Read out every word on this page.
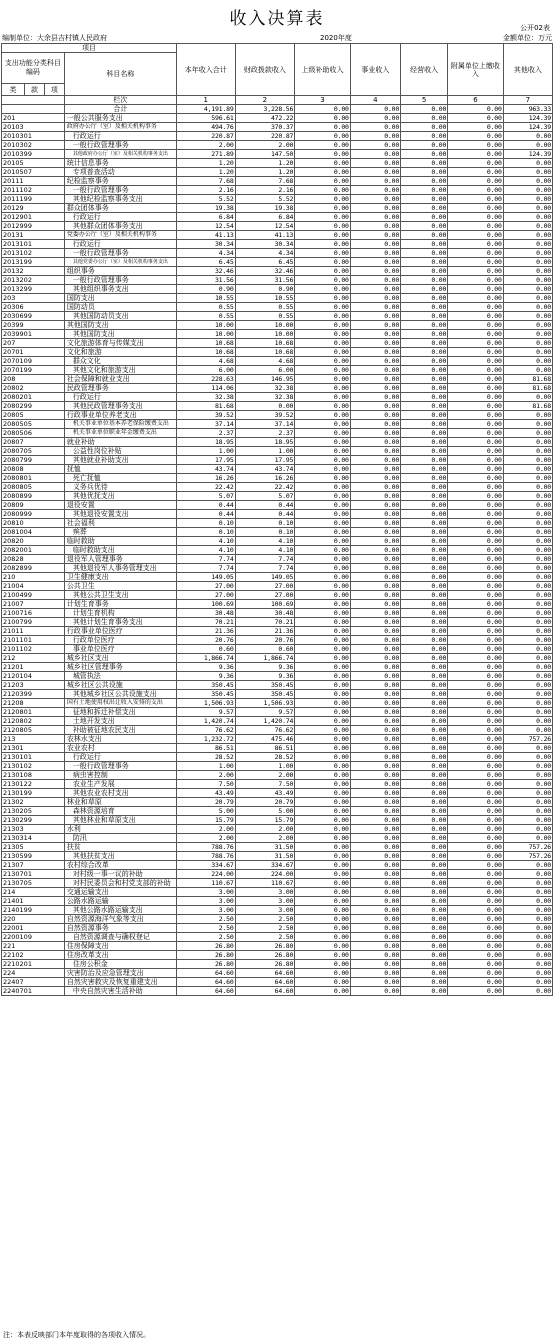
收入决算表	公开02表
编制单位：大余县吉村镇人民政府	2020年度	金额单位：万元
项目				本年收入合计	财政拨款收入	上级补助收入	事业收入	经营收入	附属单位上缴收入	其他收入
支出功能分类科目编码			科目名称							
类	款	项								
			栏次	1	2	3	4	5	6	7
			合计	4,191.89	3,228.56	0.00	0.00	0.00	0.00	963.33
201			一般公共服务支出	596.61	472.22	0.00	0.00	0.00	0.00	124.39
20103			政府办公厅（室）及相关机构事务	494.76	370.37	0.00	0.00	0.00	0.00	124.39
2010301			行政运行	220.87	220.87	0.00	0.00	0.00	0.00	0.00
2010302			一般行政管理事务	2.00	2.00	0.00	0.00	0.00	0.00	0.00
2010399			其他政府办公厅（室）及相关机构事务支出	271.89	147.50	0.00	0.00	0.00	0.00	124.39
20105			统计信息事务	1.20	1.20	0.00	0.00	0.00	0.00	0.00
2010507			专项普查活动	1.20	1.20	0.00	0.00	0.00	0.00	0.00
20111			纪检监察事务	7.68	7.68	0.00	0.00	0.00	0.00	0.00
2011102			一般行政管理事务	2.16	2.16	0.00	0.00	0.00	0.00	0.00
2011199			其他纪检监察事务支出	5.52	5.52	0.00	0.00	0.00	0.00	0.00
20129			群众团体事务	19.38	19.38	0.00	0.00	0.00	0.00	0.00
2012901			行政运行	6.84	6.84	0.00	0.00	0.00	0.00	0.00
2012999			其他群众团体事务支出	12.54	12.54	0.00	0.00	0.00	0.00	0.00
20131			党委办公厅（室）及相关机构事务	41.13	41.13	0.00	0.00	0.00	0.00	0.00
2013101			行政运行	30.34	30.34	0.00	0.00	0.00	0.00	0.00
2013102			一般行政管理事务	4.34	4.34	0.00	0.00	0.00	0.00	0.00
2013199			其他党委办公厅（室）及相关机构事务支出	6.45	6.45	0.00	0.00	0.00	0.00	0.00
20132			组织事务	32.46	32.46	0.00	0.00	0.00	0.00	0.00
2013202			一般行政管理事务	31.56	31.56	0.00	0.00	0.00	0.00	0.00
2013299			其他组织事务支出	0.90	0.90	0.00	0.00	0.00	0.00	0.00
203			国防支出	10.55	10.55	0.00	0.00	0.00	0.00	0.00
20306			国防动员	0.55	0.55	0.00	0.00	0.00	0.00	0.00
2030699			其他国防动员支出	0.55	0.55	0.00	0.00	0.00	0.00	0.00
20399			其他国防支出	10.00	10.00	0.00	0.00	0.00	0.00	0.00
2039901			其他国防支出	10.00	10.00	0.00	0.00	0.00	0.00	0.00
207			文化旅游体育与传媒支出	10.68	10.68	0.00	0.00	0.00	0.00	0.00
20701			文化和旅游	10.68	10.68	0.00	0.00	0.00	0.00	0.00
2070109			群众文化	4.68	4.68	0.00	0.00	0.00	0.00	0.00
2070199			其他文化和旅游支出	6.00	6.00	0.00	0.00	0.00	0.00	0.00
208			社会保障和就业支出	228.63	146.95	0.00	0.00	0.00	0.00	81.68
20802			民政管理事务	114.06	32.38	0.00	0.00	0.00	0.00	81.68
2080201			行政运行	32.38	32.38	0.00	0.00	0.00	0.00	0.00
2080299			其他民政管理事务支出	81.68	0.00	0.00	0.00	0.00	0.00	81.68
20805			行政事业单位养老支出	39.52	39.52	0.00	0.00	0.00	0.00	0.00
2080505			机关事业单位基本养老保险缴费支出	37.14	37.14	0.00	0.00	0.00	0.00	0.00
2080506			机关事业单位职业年金缴费支出	2.37	2.37	0.00	0.00	0.00	0.00	0.00
20807			就业补助	18.95	18.95	0.00	0.00	0.00	0.00	0.00
2080705			公益性岗位补贴	1.00	1.00	0.00	0.00	0.00	0.00	0.00
2080799			其他就业补助支出	17.95	17.95	0.00	0.00	0.00	0.00	0.00
20808			抚恤	43.74	43.74	0.00	0.00	0.00	0.00	0.00
2080801			死亡抚恤	16.26	16.26	0.00	0.00	0.00	0.00	0.00
2080805			义务兵优待	22.42	22.42	0.00	0.00	0.00	0.00	0.00
2080899			其他优抚支出	5.07	5.07	0.00	0.00	0.00	0.00	0.00
20809			退役安置	0.44	0.44	0.00	0.00	0.00	0.00	0.00
2080999			其他退役安置支出	0.44	0.44	0.00	0.00	0.00	0.00	0.00
20810			社会福利	0.10	0.10	0.00	0.00	0.00	0.00	0.00
2081004			殡葬	0.10	0.10	0.00	0.00	0.00	0.00	0.00
20820			临时救助	4.10	4.10	0.00	0.00	0.00	0.00	0.00
2082001			临时救助支出	4.10	4.10	0.00	0.00	0.00	0.00	0.00
20828			退役军人管理事务	7.74	7.74	0.00	0.00	0.00	0.00	0.00
2082899			其他退役军人事务管理支出	7.74	7.74	0.00	0.00	0.00	0.00	0.00
210			卫生健康支出	149.05	149.05	0.00	0.00	0.00	0.00	0.00
21004			公共卫生	27.00	27.00	0.00	0.00	0.00	0.00	0.00
2100499			其他公共卫生支出	27.00	27.00	0.00	0.00	0.00	0.00	0.00
21007			计划生育事务	100.69	100.69	0.00	0.00	0.00	0.00	0.00
2100716			计划生育机构	30.48	30.48	0.00	0.00	0.00	0.00	0.00
2100799			其他计划生育事务支出	70.21	70.21	0.00	0.00	0.00	0.00	0.00
21011			行政事业单位医疗	21.36	21.36	0.00	0.00	0.00	0.00	0.00
2101101			行政单位医疗	20.76	20.76	0.00	0.00	0.00	0.00	0.00
2101102			事业单位医疗	0.60	0.60	0.00	0.00	0.00	0.00	0.00
212			城乡社区支出	1,866.74	1,866.74	0.00	0.00	0.00	0.00	0.00
21201			城乡社区管理事务	9.36	9.36	0.00	0.00	0.00	0.00	0.00
2120104			城管执法	9.36	9.36	0.00	0.00	0.00	0.00	0.00
21203			城乡社区公共设施	350.45	350.45	0.00	0.00	0.00	0.00	0.00
2120399			其他城乡社区公共设施支出	350.45	350.45	0.00	0.00	0.00	0.00	0.00
21208			国有土地使用权出让收入安排的支出	1,506.93	1,506.93	0.00	0.00	0.00	0.00	0.00
2120801			征地和拆迁补偿支出	9.57	9.57	0.00	0.00	0.00	0.00	0.00
2120802			土地开发支出	1,420.74	1,420.74	0.00	0.00	0.00	0.00	0.00
2120805			补助被征地农民支出	76.62	76.62	0.00	0.00	0.00	0.00	0.00
213			农林水支出	1,232.72	475.46	0.00	0.00	0.00	0.00	757.26
21301			农业农村	86.51	86.51	0.00	0.00	0.00	0.00	0.00
2130101			行政运行	28.52	28.52	0.00	0.00	0.00	0.00	0.00
2130102			一般行政管理事务	1.00	1.00	0.00	0.00	0.00	0.00	0.00
2130108			病虫害控制	2.00	2.00	0.00	0.00	0.00	0.00	0.00
2130122			农业生产发展	7.50	7.50	0.00	0.00	0.00	0.00	0.00
2130199			其他农业农村支出	43.49	43.49	0.00	0.00	0.00	0.00	0.00
21302			林业和草原	20.79	20.79	0.00	0.00	0.00	0.00	0.00
2130205			森林资源培育	5.00	5.00	0.00	0.00	0.00	0.00	0.00
2130299			其他林业和草原支出	15.79	15.79	0.00	0.00	0.00	0.00	0.00
21303			水利	2.00	2.00	0.00	0.00	0.00	0.00	0.00
2130314			防汛	2.00	2.00	0.00	0.00	0.00	0.00	0.00
21305			扶贫	788.76	31.50	0.00	0.00	0.00	0.00	757.26
2130599			其他扶贫支出	788.76	31.50	0.00	0.00	0.00	0.00	757.26
21307			农村综合改革	334.67	334.67	0.00	0.00	0.00	0.00	0.00
2130701			对村级一事一议的补助	224.00	224.00	0.00	0.00	0.00	0.00	0.00
2130705			对村民委员会和村党支部的补助	110.67	110.67	0.00	0.00	0.00	0.00	0.00
214			交通运输支出	3.00	3.00	0.00	0.00	0.00	0.00	0.00
21401			公路水路运输	3.00	3.00	0.00	0.00	0.00	0.00	0.00
2140199			其他公路水路运输支出	3.00	3.00	0.00	0.00	0.00	0.00	0.00
220			自然资源海洋气象等支出	2.50	2.50	0.00	0.00	0.00	0.00	0.00
22001			自然资源事务	2.50	2.50	0.00	0.00	0.00	0.00	0.00
2200109			自然资源调查与确权登记	2.50	2.50	0.00	0.00	0.00	0.00	0.00
221			住房保障支出	26.80	26.80	0.00	0.00	0.00	0.00	0.00
22102			住房改革支出	26.80	26.80	0.00	0.00	0.00	0.00	0.00
2210201			住房公积金	26.80	26.80	0.00	0.00	0.00	0.00	0.00
224			灾害防治及应急管理支出	64.60	64.60	0.00	0.00	0.00	0.00	0.00
22407			自然灾害救灾及恢复重建支出	64.60	64.60	0.00	0.00	0.00	0.00	0.00
2240701			中央自然灾害生活补助	64.60	64.60	0.00	0.00	0.00	0.00	0.00
注：本表反映部门本年度取得的各项收入情况。
